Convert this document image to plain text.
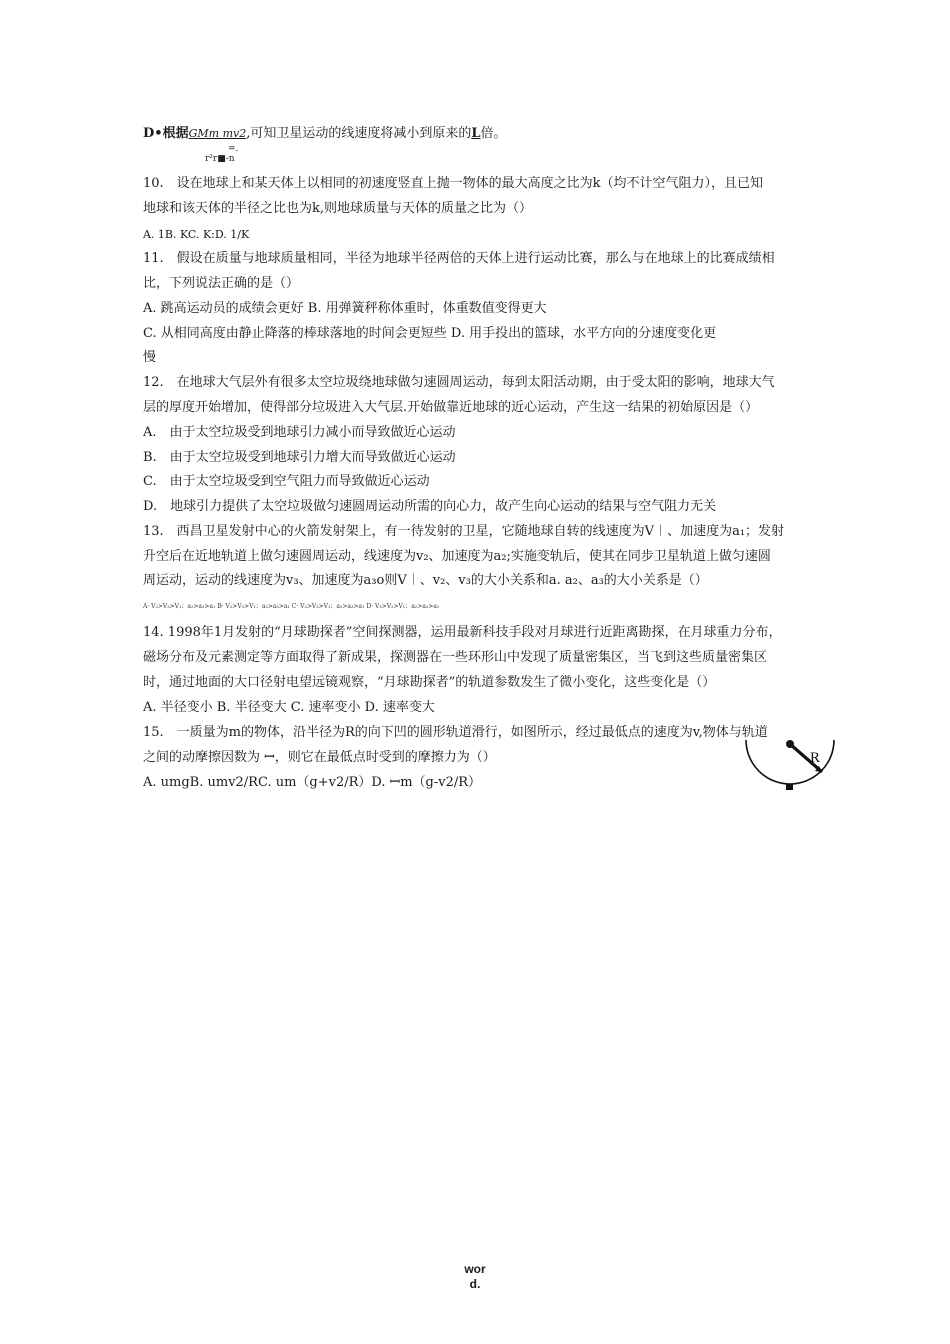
D•根据GMm mv2,可知卫星运动的线速度将减小到原来的L倍。
=.
r²r■-n
10.　设在地球上和某天体上以相同的初速度竖直上抛一物体的最大高度之比为k（均不计空气阻力），且已知
地球和该天体的半径之比也为k,则地球质量与天体的质量之比为（）
A. 1B. KC. K:D. 1/K
11.　假设在质量与地球质量相同，半径为地球半径两倍的天体上进行运动比赛，那么与在地球上的比赛成绩相
比，下列说法正确的是（）
A. 跳高运动员的成绩会更好 B. 用弹簧秤称体重时，体重数值变得更大
C. 从相同高度由静止降落的棒球落地的时间会更短些 D. 用手投出的篮球，水平方向的分速度变化更
慢
12.　在地球大气层外有很多太空垃圾绕地球做匀速圆周运动，每到太阳活动期，由于受太阳的影响，地球大气
层的厚度开始增加，使得部分垃圾进入大气层.开始做靠近地球的近心运动，产生这一结果的初始原因是（）
A.　由于太空垃圾受到地球引力减小而导致做近心运动
B.　由于太空垃圾受到地球引力增大而导致做近心运动
C.　由于太空垃圾受到空气阻力而导致做近心运动
D.　地球引力提供了太空垃圾做匀速圆周运动所需的向心力，故产生向心运动的结果与空气阻力无关
13.　西昌卫星发射中心的火箭发射架上，有一待发射的卫星，它随地球自转的线速度为V︱、加速度为a₁；发射
升空后在近地轨道上做匀速圆周运动，线速度为v₂、加速度为a₂;实施变轨后，使其在同步卫星轨道上做匀速圆
周运动，运动的线速度为v₃、加速度为a₃o则V︱、v₂、v₃的大小关系和a. a₂、a₃的大小关系是（）
A· V₂>V₃>V₁；a₂>a₃>a₁ B· V₂>V₃>V₁；a₂>a₃>a₁ C· V₂>V₃>V₁；a₂>a₃>a₁ D· V₃>V₂>V₁；a₂>a₃>a₁
14. 1998年1月发射的“月球勘探者”空间探测器，运用最新科技手段对月球进行近距离勘探，在月球重力分布，
磁场分布及元素测定等方面取得了新成果，探测器在一些环形山中发现了质量密集区，当飞到这些质量密集区
时，通过地面的大口径射电望远镜观察，“月球勘探者”的轨道参数发生了微小变化，这些变化是（）
A. 半径变小 B. 半径变大 C. 速率变小 D. 速率变大
15.　一质量为m的物体，沿半径为R的向下凹的圆形轨道滑行，如图所示，经过最低点的速度为v,物体与轨道
之间的动摩擦因数为 ꟷ，则它在最低点时受到的摩擦力为（）
A. umgB. umv2/RC. um（g+v2/R）D. ꟷm（g-v2/R）
R
wor
d.
